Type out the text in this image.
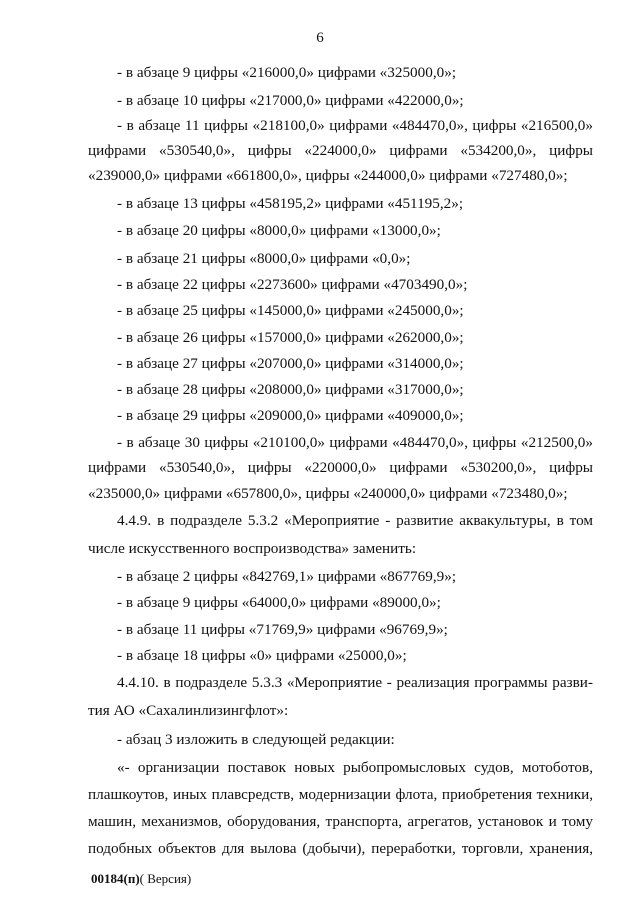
6
- в абзаце 9 цифры «216000,0» цифрами «325000,0»;
- в абзаце 10 цифры «217000,0» цифрами «422000,0»;
- в абзаце 11 цифры «218100,0» цифрами «484470,0», цифры «216500,0»
цифрами «530540,0», цифры «224000,0» цифрами «534200,0», цифры
«239000,0» цифрами «661800,0», цифры «244000,0» цифрами «727480,0»;
- в абзаце 13 цифры «458195,2» цифрами «451195,2»;
- в абзаце 20 цифры «8000,0» цифрами «13000,0»;
- в абзаце 21 цифры «8000,0» цифрами «0,0»;
- в абзаце 22 цифры «2273600» цифрами «4703490,0»;
- в абзаце 25 цифры «145000,0» цифрами «245000,0»;
- в абзаце 26 цифры «157000,0» цифрами «262000,0»;
- в абзаце 27 цифры «207000,0» цифрами «314000,0»;
- в абзаце 28 цифры «208000,0» цифрами «317000,0»;
- в абзаце 29 цифры «209000,0» цифрами «409000,0»;
- в абзаце 30 цифры «210100,0» цифрами «484470,0», цифры «212500,0»
цифрами «530540,0», цифры «220000,0» цифрами «530200,0», цифры
«235000,0» цифрами «657800,0», цифры «240000,0» цифрами «723480,0»;
4.4.9. в подразделе 5.3.2 «Мероприятие - развитие аквакультуры, в том
числе искусственного воспроизводства» заменить:
- в абзаце 2 цифры «842769,1» цифрами «867769,9»;
- в абзаце 9 цифры «64000,0» цифрами «89000,0»;
- в абзаце 11 цифры «71769,9» цифрами «96769,9»;
- в абзаце 18 цифры «0» цифрами «25000,0»;
4.4.10. в подразделе 5.3.3 «Мероприятие - реализация программы разви-
тия АО «Сахалинлизингфлот»:
- абзац 3 изложить в следующей редакции:
«- организации поставок новых рыбопромысловых судов, мотоботов,
плашкоутов, иных плавсредств, модернизации флота, приобретения техники,
машин, механизмов, оборудования, транспорта, агрегатов, установок и тому
подобных объектов для вылова (добычи), переработки, торговли, хранения,
00184(п)( Версия)
